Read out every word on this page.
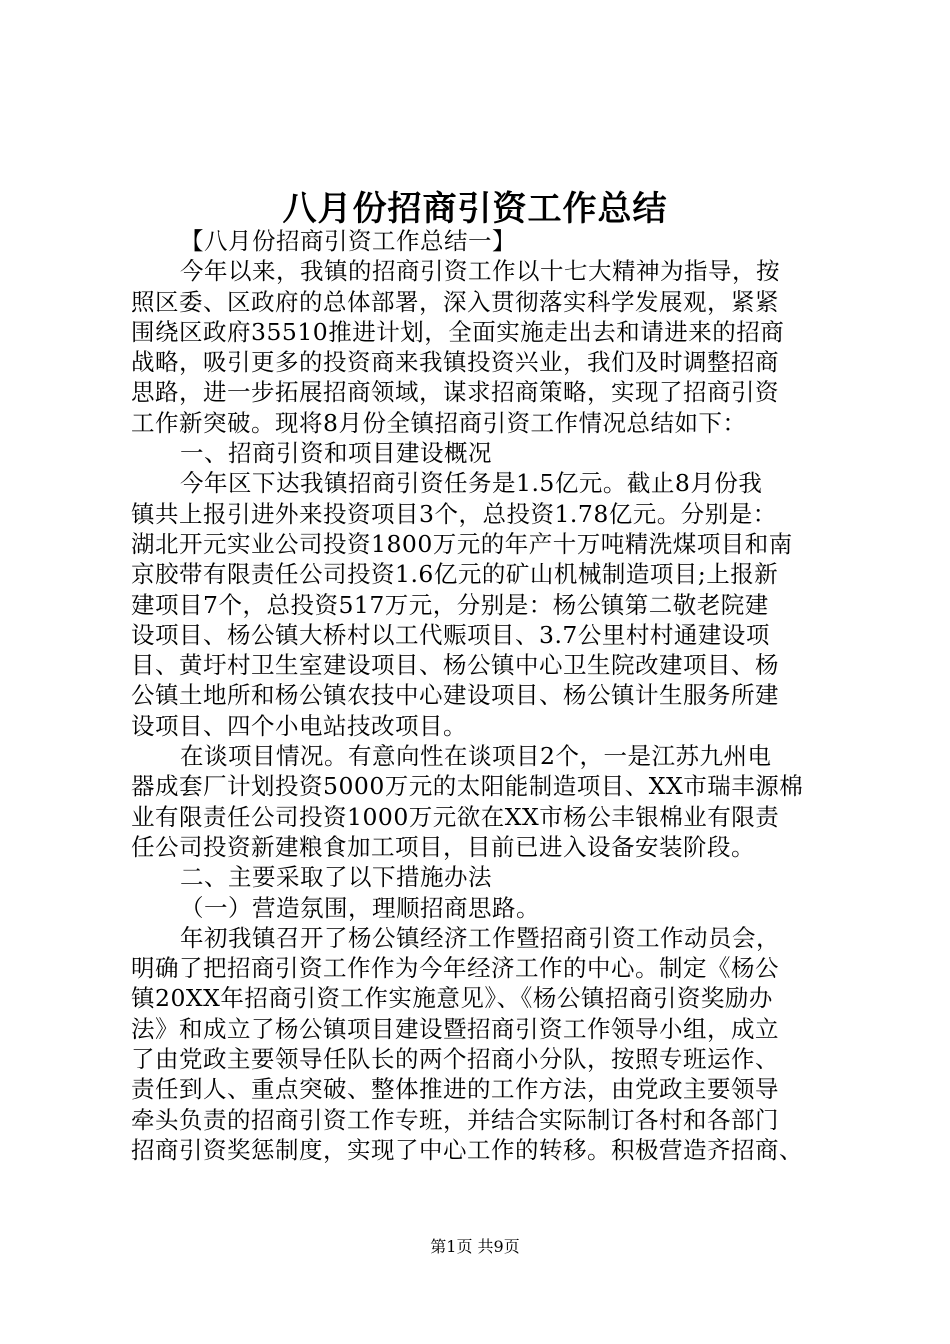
八月份招商引资工作总结
【八月份招商引资工作总结一】
今年以来，我镇的招商引资工作以十七大精神为指导，按
照区委、区政府的总体部署，深入贯彻落实科学发展观，紧紧
围绕区政府35510推进计划，全面实施走出去和请进来的招商
战略，吸引更多的投资商来我镇投资兴业，我们及时调整招商
思路，进一步拓展招商领域，谋求招商策略，实现了招商引资
工作新突破。现将8月份全镇招商引资工作情况总结如下：
一、招商引资和项目建设概况
今年区下达我镇招商引资任务是1.5亿元。截止8月份我
镇共上报引进外来投资项目3个，总投资1.78亿元。分别是：
湖北开元实业公司投资1800万元的年产十万吨精洗煤项目和南
京胶带有限责任公司投资1.6亿元的矿山机械制造项目;上报新
建项目7个，总投资517万元，分别是：杨公镇第二敬老院建
设项目、杨公镇大桥村以工代赈项目、3.7公里村村通建设项
目、黄圩村卫生室建设项目、杨公镇中心卫生院改建项目、杨
公镇土地所和杨公镇农技中心建设项目、杨公镇计生服务所建
设项目、四个小电站技改项目。
在谈项目情况。有意向性在谈项目2个，一是江苏九州电
器成套厂计划投资5000万元的太阳能制造项目、XX市瑞丰源棉
业有限责任公司投资1000万元欲在XX市杨公丰银棉业有限责
任公司投资新建粮食加工项目，目前已进入设备安装阶段。
二、主要采取了以下措施办法
（一）营造氛围，理顺招商思路。
年初我镇召开了杨公镇经济工作暨招商引资工作动员会，
明确了把招商引资工作作为今年经济工作的中心。制定《杨公
镇20XX年招商引资工作实施意见》、《杨公镇招商引资奖励办
法》和成立了杨公镇项目建设暨招商引资工作领导小组，成立
了由党政主要领导任队长的两个招商小分队，按照专班运作、
责任到人、重点突破、整体推进的工作方法，由党政主要领导
牵头负责的招商引资工作专班，并结合实际制订各村和各部门
招商引资奖惩制度，实现了中心工作的转移。积极营造齐招商、
第1页 共9页
